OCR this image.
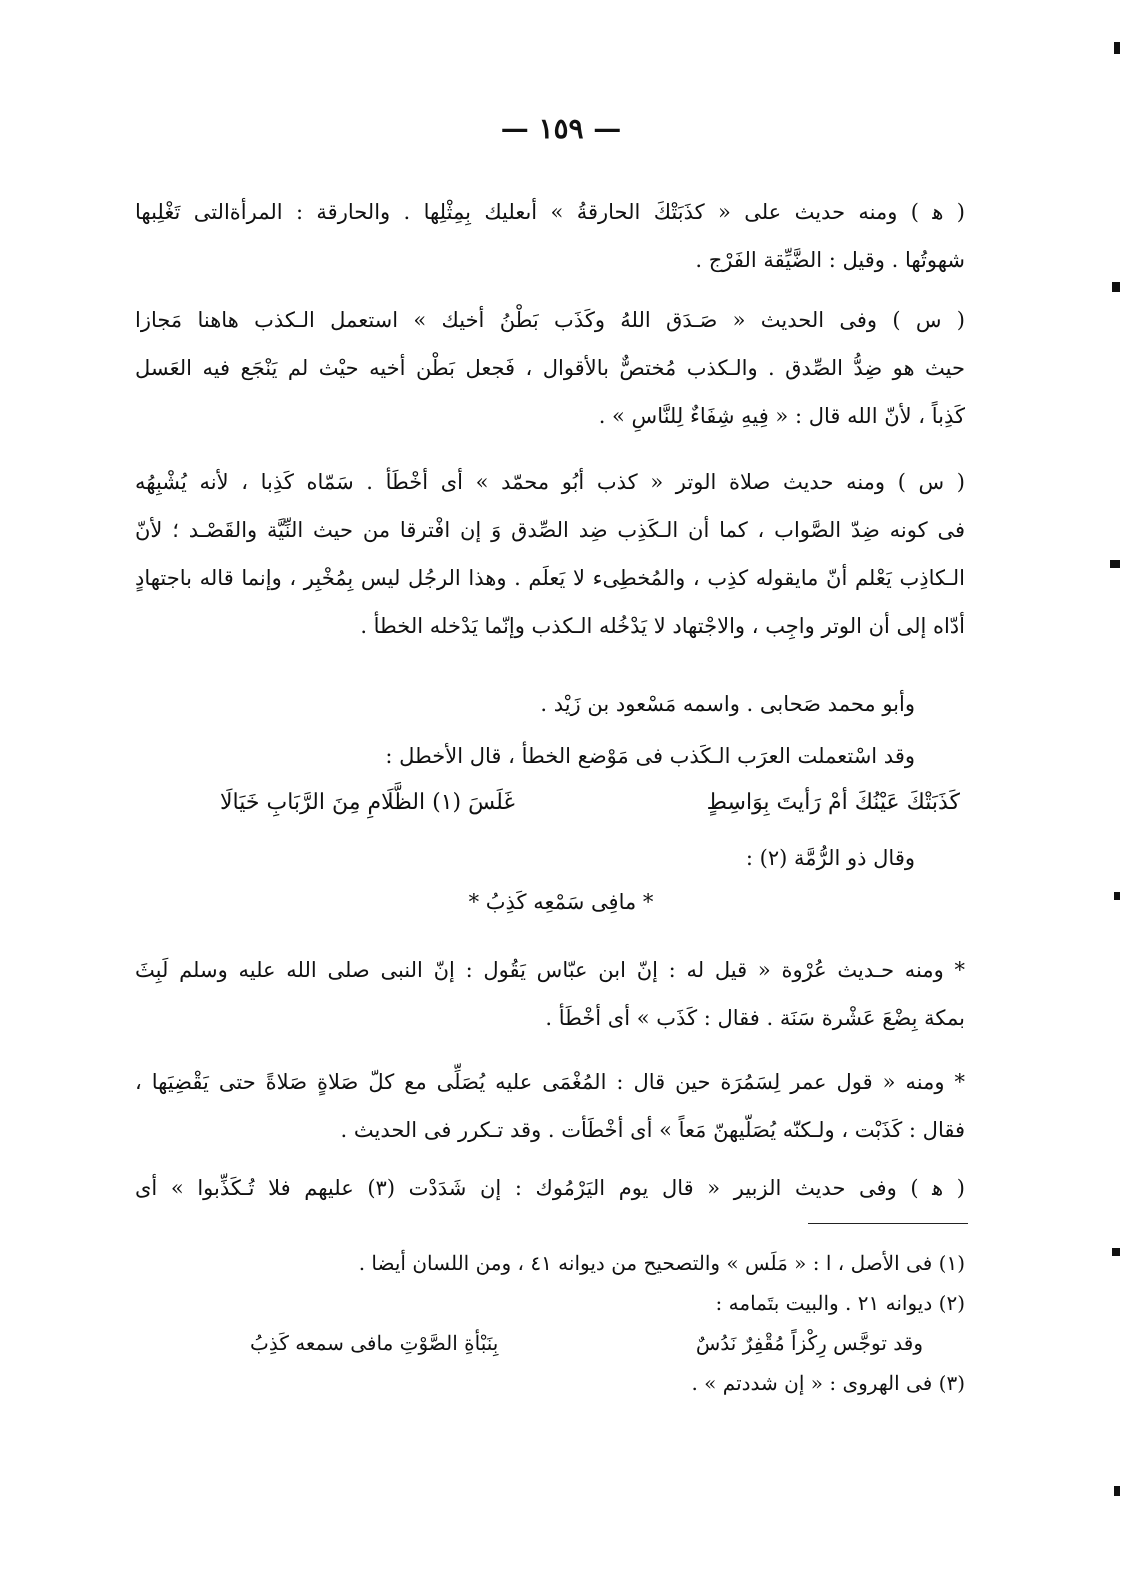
— ١٥٩ —
( ﻫ ) ومنه حديث على « كذَبَتْكَ الحارقةُ » أىعليك بِمِثْلِها . والحارقة : المرأةالتى تَغْلِبها
شهوتُها . وقيل : الضَّيِّقة الفَرْج .
( س ) وفى الحديث « صَـدَق اللهُ وكَذَب بَطْنُ أخيك » استعمل الـكذب هاهنا مَجازا
حيث هو ضِدُّ الصِّدق . والـكذب مُختصٌّ بالأقوال ، فَجعل بَطْن أخيه حيْث لم يَنْجَع فيه العَسل
كَذِباً ، لأنّ الله قال : « فِيهِ شِفَاءٌ لِلنَّاسِ » .
( س ) ومنه حديث صلاة الوتر « كذب أبُو محمّد » أى أخْطَأ . سَمّاه كَذِبا ، لأنه يُشْبِهُه
فى كونه ضِدّ الصَّواب ، كما أن الـكَذِب ضِد الصِّدق وَ إن افْترقا من حيث النِّيَّة والقَصْـد ؛ لأنّ
الـكاذِب يَعْلم أنّ مايقوله كذِب ، والمُخطِىء لا يَعلَم . وهذا الرجُل ليس بِمُخْبِر ، وإنما قاله باجتهادٍ
أدّاه إلى أن الوتر واجِب ، والاجْتهاد لا يَدْخُله الـكذب وإنّما يَدْخله الخطأ .
وأبو محمد صَحابى . واسمه مَسْعود بن زَيْد .
وقد اسْتعملت العرَب الـكَذب فى مَوْضع الخطأ ، قال الأخطل :
كَذَبَتْكَ عَيْنُكَ أمْ رَأيتَ بِوَاسِطٍ
غَلَسَ (١) الظَّلَامِ مِنَ الرَّبَابِ خَيَالَا
وقال ذو الرُّمَّة (٢) :
* مافِى سَمْعِه كَذِبُ *
* ومنه حـديث عُرْوة « قيل له : إنّ ابن عبّاس يَقُول : إنّ النبى صلى الله عليه وسلم لَبِثَ
بمكة بِضْعَ عَشْرة سَنَة . فقال : كَذَب » أى أخْطَأ .
* ومنه « قول عمر لِسَمُرَة حين قال : المُغْمَى عليه يُصَلِّى مع كلّ صَلاةٍ صَلاةً حتى يَقْضِيَها ،
فقال : كَذَبْت ، ولـكنّه يُصَلّيهنّ مَعاً » أى أخْطَأت . وقد تـكرر فى الحديث .
( ﻫ ) وفى حديث الزبير « قال يوم اليَرْمُوك : إن شَدَدْت (٣) عليهم فلا تُـكَذِّبوا » أى
(١) فى الأصل ، ا : « مَلَس » والتصحيح من ديوانه ٤١ ، ومن اللسان أيضا .
(٢) ديوانه ٢١ . والبيت بتَمامه :
وقد توجَّس رِكْزاً مُقْفِرٌ نَدُسٌ
بِنَبْأةِ الصَّوْتِ مافى سمعه كَذِبُ
(٣) فى الهروى : « إن شددتم » .
